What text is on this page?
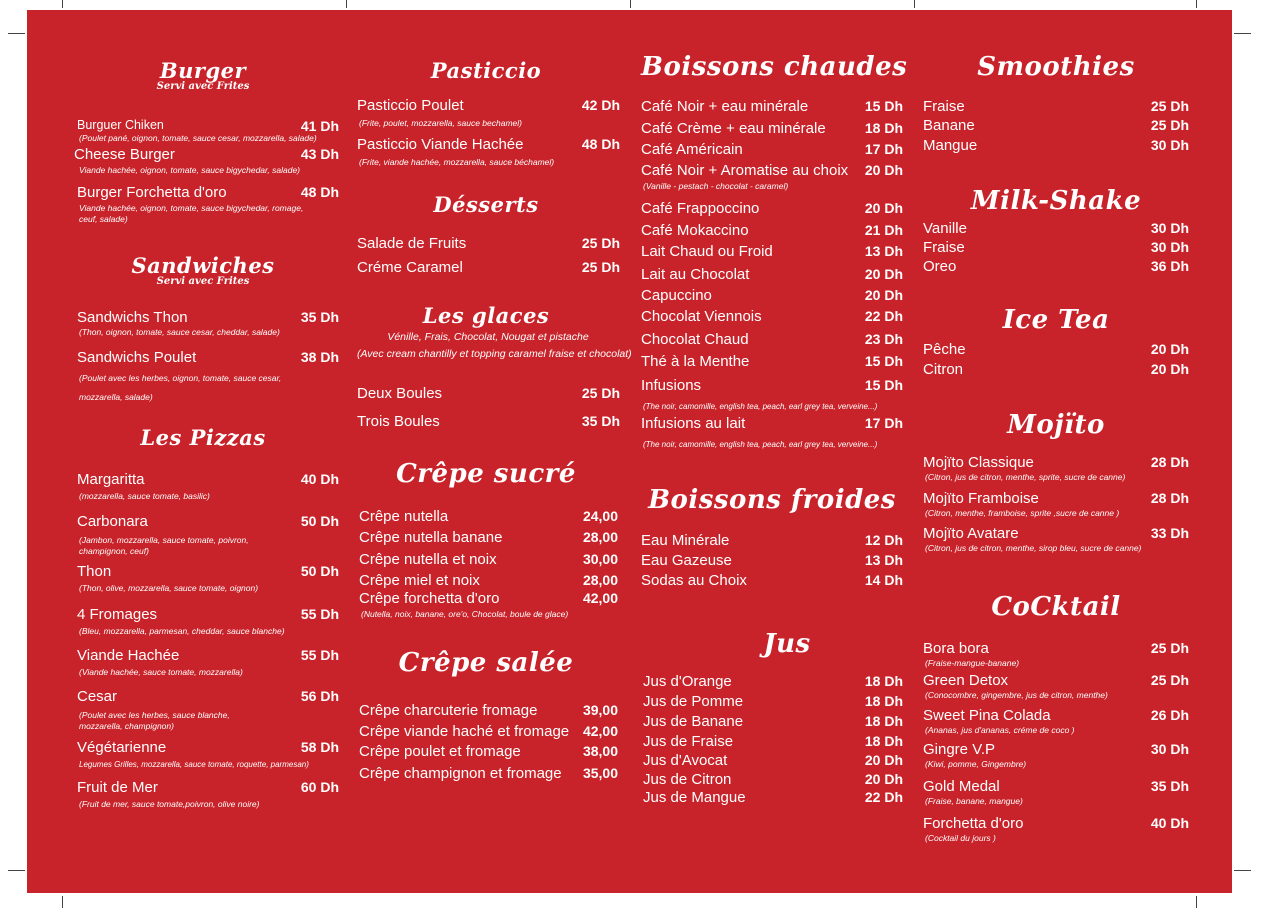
Burger
Servi avec Frites
Burguer Chiken	41 Dh
(Poulet pané, oignon, tomate, sauce cesar, mozzarella, salade)
Cheese Burger	43 Dh
Viande hachée, oignon, tomate, sauce bigychedar, salade)
Burger Forchetta d'oro	48 Dh
Viande hachée, oignon, tomate, sauce bigychedar, romage, ceuf, salade)
Sandwiches
Servi avec Frites
Sandwichs Thon	35 Dh
(Thon, oignon, tomate, sauce cesar, cheddar, salade)
Sandwichs Poulet	38 Dh
(Poulet avec les herbes, oignon, tomate, sauce cesar, mozzarella, salade)
Les Pizzas
Margaritta	40 Dh
(mozzarella, sauce tomate, basilic)
Carbonara	50 Dh
(Jambon, mozzarella, sauce tomate, poivron, champignon, ceuf)
Thon	50 Dh
(Thon, olive, mozzarella, sauce tomate, oignon)
4 Fromages	55 Dh
(Bleu, mozzarella, parmesan, cheddar, sauce blanche)
Viande Hachée	55 Dh
(Viande hachée, sauce tomate, mozzarella)
Cesar	56 Dh
(Poulet avec les herbes, sauce blanche, mozzarella, champignon)
Végétarienne	58 Dh
Legumes Grilles, mozzarella, sauce tomate, roquette, parmesan)
Fruit de Mer	60 Dh
(Fruit de mer, sauce tomate,poivron, olive noire)
Pasticcio
Pasticcio Poulet	42 Dh
(Frite, poulet, mozzarella, sauce bechamel)
Pasticcio Viande Hachée	48 Dh
(Frite, viande hachée, mozzarella, sauce béchamel)
Désserts
Salade de Fruits	25 Dh
Créme Caramel	25 Dh
Les glaces
Vénille, Frais, Chocolat, Nougat et pistache
(Avec cream chantilly et topping caramel fraise et chocolat)
Deux Boules	25 Dh
Trois Boules	35 Dh
Crêpe sucré
Crêpe nutella	24,00
Crêpe nutella banane	28,00
Crêpe nutella et noix	30,00
Crêpe miel et noix	28,00
Crêpe forchetta d'oro	42,00
(Nutella, noix, banane, ore'o, Chocolat, boule de glace)
Crêpe salée
Crêpe charcuterie fromage	39,00
Crêpe viande haché et fromage 42,00
Crêpe poulet et fromage	38,00
Crêpe champignon et fromage 35,00
Boissons chaudes
Café Noir + eau minérale	15 Dh
Café Crème + eau minérale	18 Dh
Café Américain	17 Dh
Café Noir + Aromatise au choix 20 Dh
(Vanille - pestach - chocolat - caramel)
Café Frappoccino	20 Dh
Café Mokaccino	21 Dh
Lait Chaud ou Froid	13 Dh
Lait au Chocolat	20 Dh
Capuccino	20 Dh
Chocolat Viennois	22 Dh
Chocolat Chaud	23 Dh
Thé à la Menthe	15 Dh
Infusions	15 Dh
(The noir, camomille, english tea, peach, earl grey tea, verveine...)
Infusions au lait	17 Dh
(The noir, camomille, english tea, peach, earl grey tea, verveine...)
Boissons froides
Eau Minérale	12 Dh
Eau Gazeuse	13 Dh
Sodas au Choix	14 Dh
Jus
Jus d'Orange	18 Dh
Jus de Pomme	18 Dh
Jus de Banane	18 Dh
Jus de Fraise	18 Dh
Jus d'Avocat	20 Dh
Jus de Citron	20 Dh
Jus de Mangue	22 Dh
Smoothies
Fraise	25 Dh
Banane	25 Dh
Mangue	30 Dh
Milk-Shake
Vanille	30 Dh
Fraise	30 Dh
Oreo	36 Dh
Ice Tea
Pêche	20 Dh
Citron	20 Dh
Mojïto
Mojïto Classique	28 Dh
(Citron, jus de citron, menthe, sprite, sucre de canne)
Mojïto Framboise	28 Dh
(Citron, menthe, framboise, sprite ,sucre de canne )
Mojïto Avatare	33 Dh
(Citron, jus de citron, menthe, sirop bleu, sucre de canne)
CoCktail
Bora bora	25 Dh
(Fraise-mangue-banane)
Green Detox	25 Dh
(Conocombre, gingembre, jus de citron, menthe)
Sweet Pina Colada	26 Dh
(Ananas, jus d'ananas, créme de coco )
Gingre V.P	30 Dh
(Kiwi, pomme, Gingembre)
Gold Medal	35 Dh
(Fraise, banane, mangue)
Forchetta d'oro	40 Dh
(Cocktail du jours )
